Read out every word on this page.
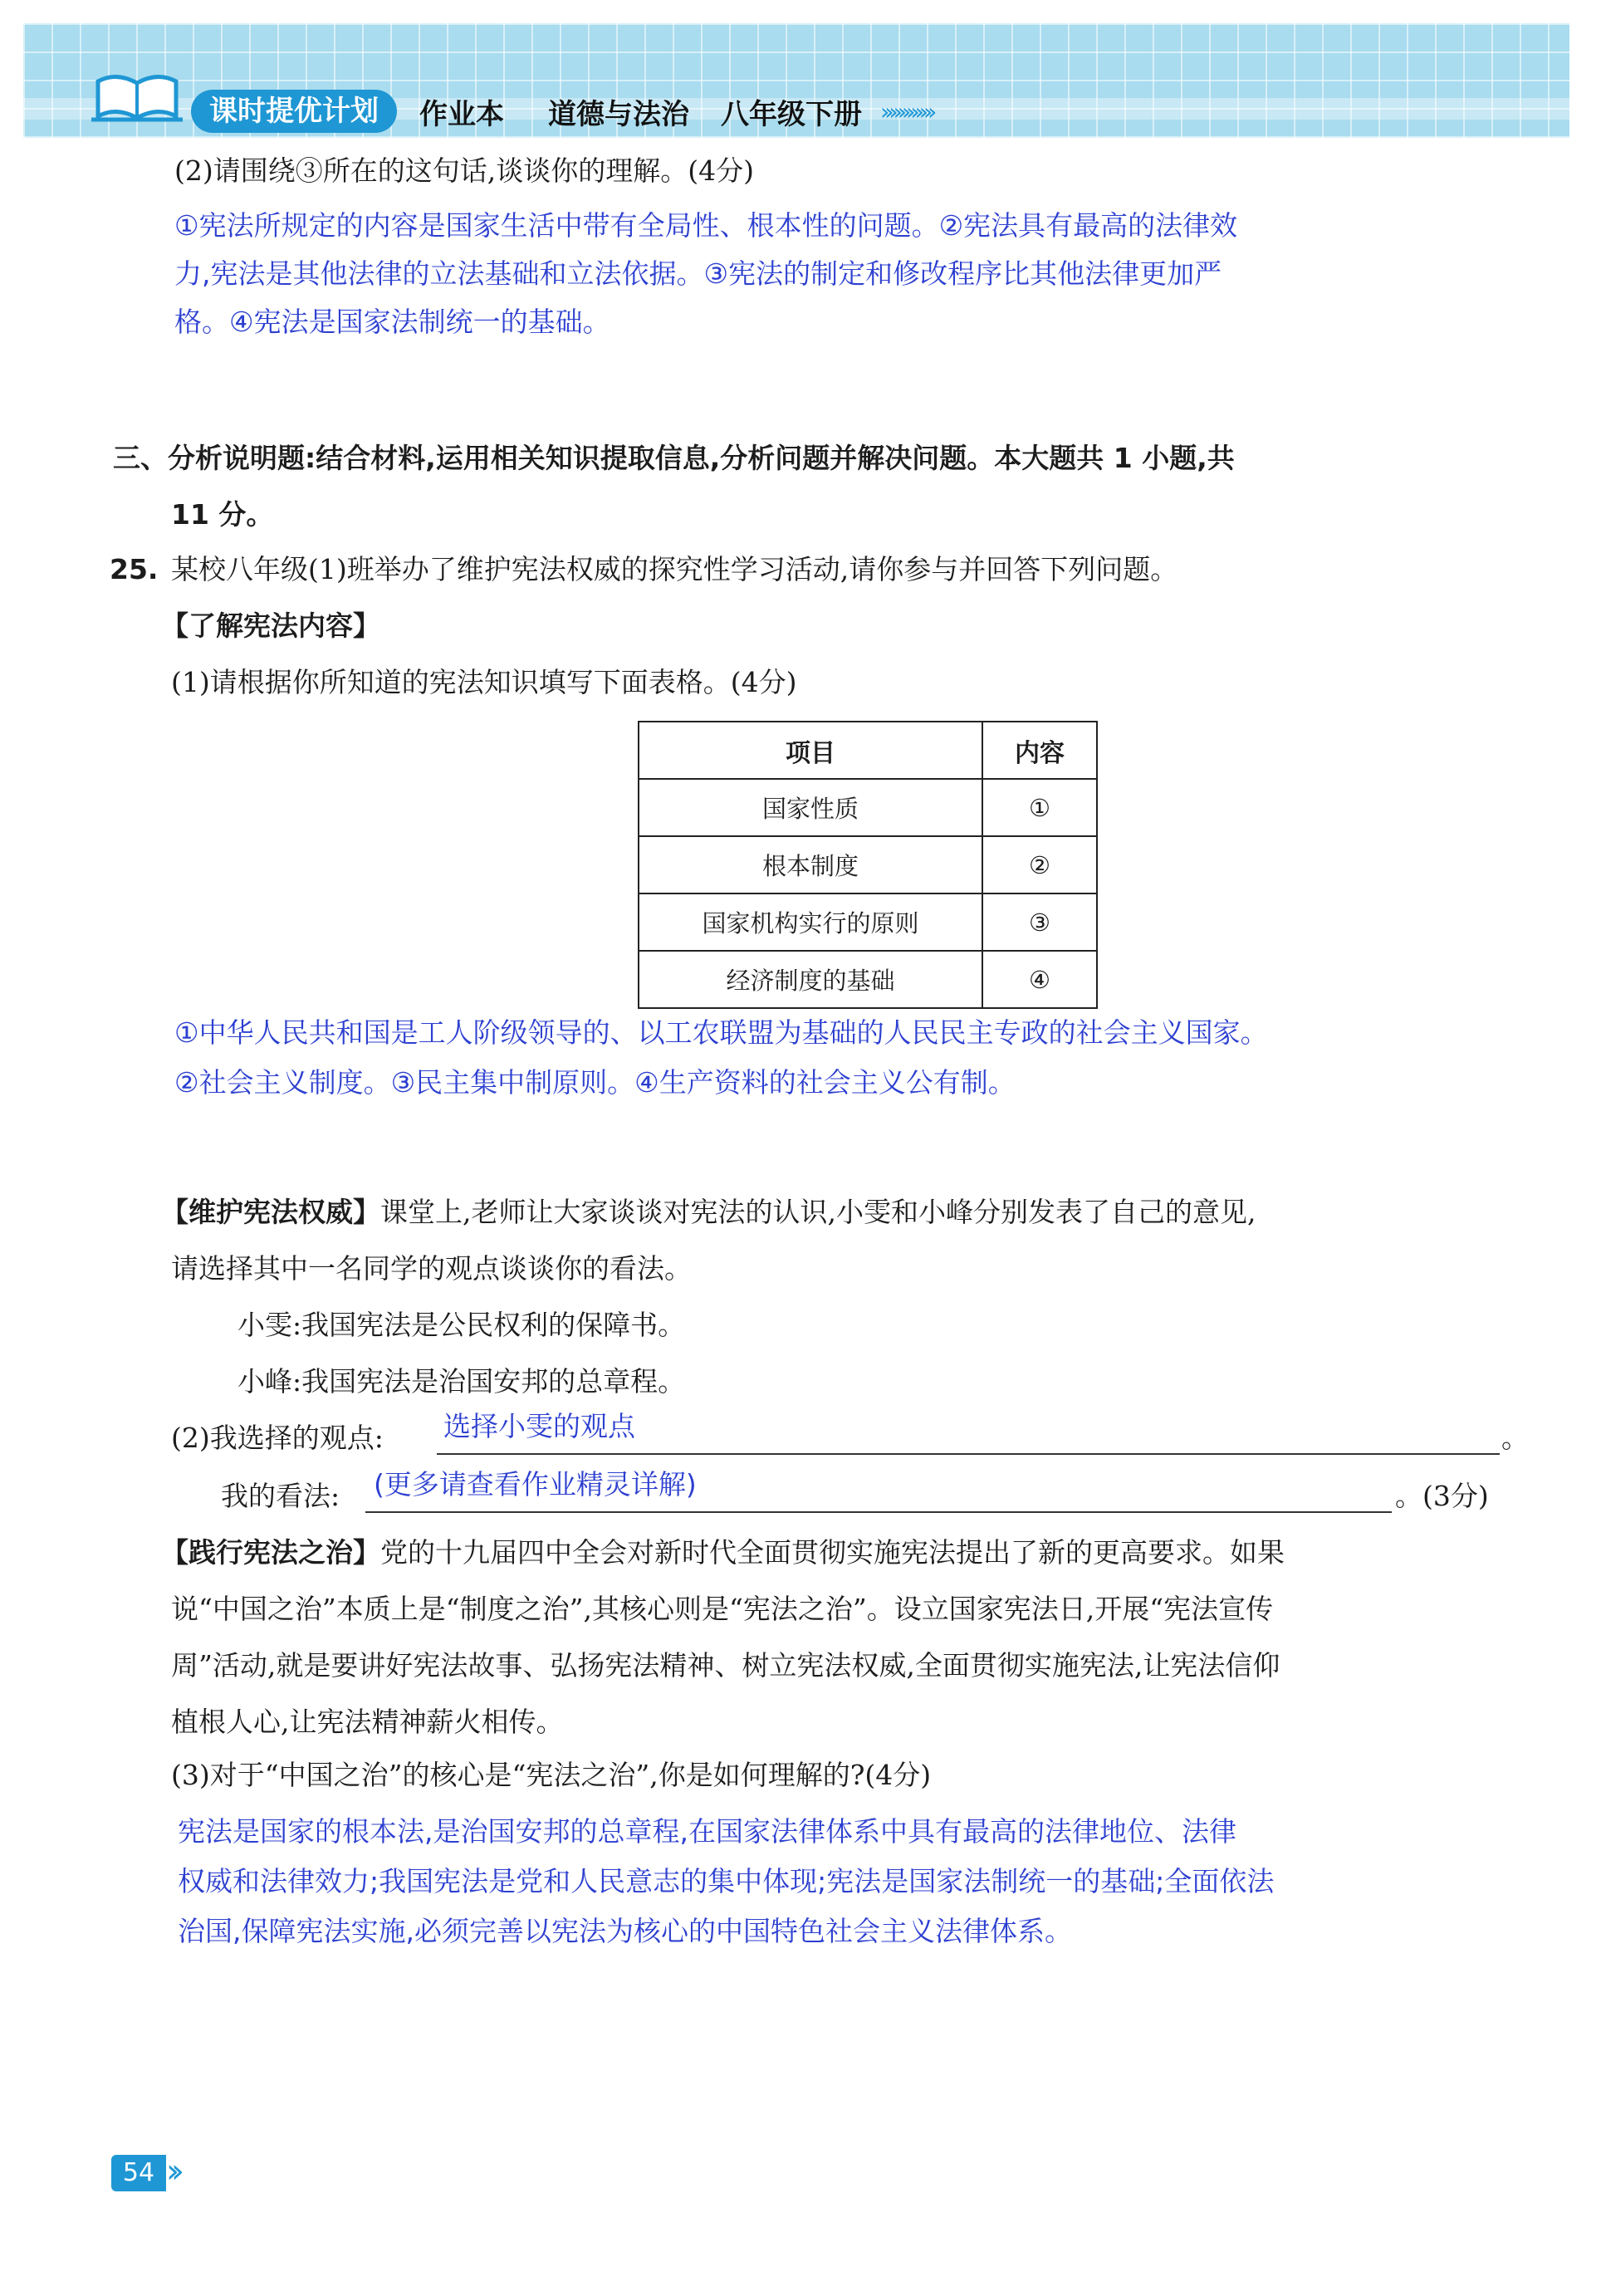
课时提优计划	作业本 道德与法治 八年级下册 ››››››››››››
(2)请围绕③所在的这句话,谈谈你的理解。(4分)
①宪法所规定的内容是国家生活中带有全局性、根本性的问题。②宪法具有最高的法律效
力,宪法是其他法律的立法基础和立法依据。③宪法的制定和修改程序比其他法律更加严
格。④宪法是国家法制统一的基础。
三、分析说明题:结合材料,运用相关知识提取信息,分析问题并解决问题。本大题共 1 小题,共
11 分。
25. 某校八年级(1)班举办了维护宪法权威的探究性学习活动,请你参与并回答下列问题。
【了解宪法内容】
(1)请根据你所知道的宪法知识填写下面表格。(4分)
项目	内容
国家性质	①
根本制度	②
国家机构实行的原则	③
经济制度的基础	④
①中华人民共和国是工人阶级领导的、以工农联盟为基础的人民民主专政的社会主义国家。
②社会主义制度。③民主集中制原则。④生产资料的社会主义公有制。
【维护宪法权威】课堂上,老师让大家谈谈对宪法的认识,小雯和小峰分别发表了自己的意见,
请选择其中一名同学的观点谈谈你的看法。
小雯:我国宪法是公民权利的保障书。
小峰:我国宪法是治国安邦的总章程。
(2)我选择的观点: 选择小雯的观点	。
我的看法: (更多请查看作业精灵详解)	。(3分)
【践行宪法之治】党的十九届四中全会对新时代全面贯彻实施宪法提出了新的更高要求。如果
说“中国之治”本质上是“制度之治”,其核心则是“宪法之治”。设立国家宪法日,开展“宪法宣传
周”活动,就是要讲好宪法故事、弘扬宪法精神、树立宪法权威,全面贯彻实施宪法,让宪法信仰
植根人心,让宪法精神薪火相传。
(3)对于“中国之治”的核心是“宪法之治”,你是如何理解的?(4分)
宪法是国家的根本法,是治国安邦的总章程,在国家法律体系中具有最高的法律地位、法律
权威和法律效力;我国宪法是党和人民意志的集中体现;宪法是国家法制统一的基础;全面依法
治国,保障宪法实施,必须完善以宪法为核心的中国特色社会主义法律体系。
54 ››
